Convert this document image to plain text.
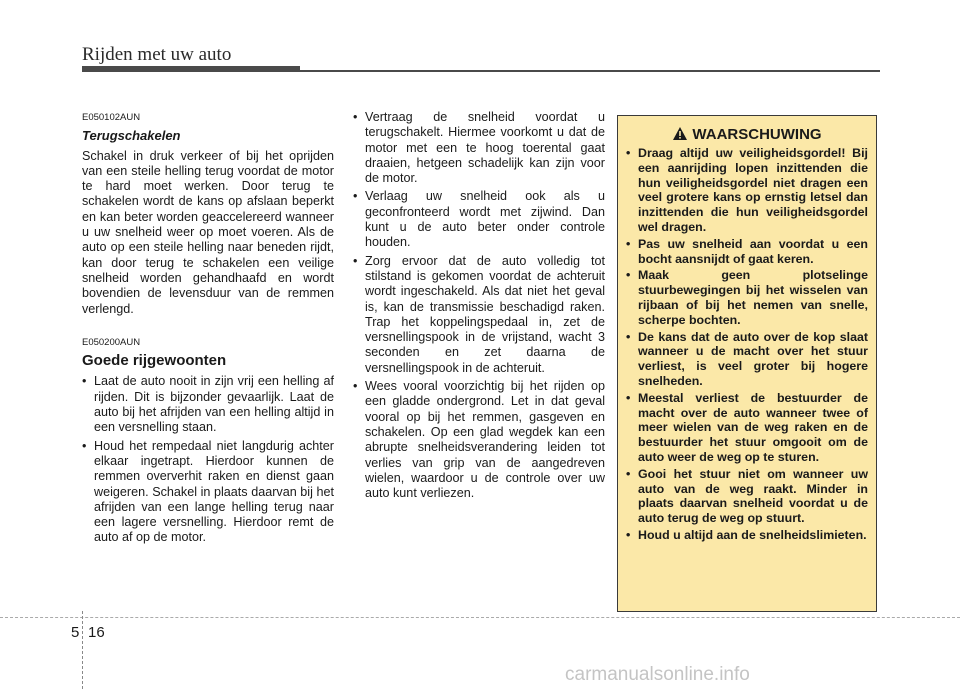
Rijden met uw auto
E050102AUN
Terugschakelen

Schakel in druk verkeer of bij het oprijden van een steile helling terug voordat de motor te hard moet werken. Door terug te schakelen wordt de kans op afslaan beperkt en kan beter worden geaccelereerd wanneer u uw snelheid weer op moet voeren. Als de auto op een steile helling naar beneden rijdt, kan door terug te schakelen een veilige snelheid worden gehandhaafd en wordt bovendien de levensduur van de remmen verlengd.

E050200AUN
Goede rijgewoonten
• Laat de auto nooit in zijn vrij een helling af rijden. Dit is bijzonder gevaarlijk. Laat de auto bij het afrijden van een helling altijd in een versnelling staan.
• Houd het rempedaal niet langdurig achter elkaar ingetrapt. Hierdoor kunnen de remmen oververhit raken en dienst gaan weigeren. Schakel in plaats daarvan bij het afrijden van een lange helling terug naar een lagere versnelling. Hierdoor remt de auto af op de motor.
• Vertraag de snelheid voordat u terugschakelt. Hiermee voorkomt u dat de motor met een te hoog toerental gaat draaien, hetgeen schadelijk kan zijn voor de motor.
• Verlaag uw snelheid ook als u geconfronteerd wordt met zijwind. Dan kunt u de auto beter onder controle houden.
• Zorg ervoor dat de auto volledig tot stilstand is gekomen voordat de achteruit wordt ingeschakeld. Als dat niet het geval is, kan de transmissie beschadigd raken. Trap het koppelingspedaal in, zet de versnellingspook in de vrijstand, wacht 3 seconden en zet daarna de versnellingspook in de achteruit.
• Wees vooral voorzichtig bij het rijden op een gladde ondergrond. Let in dat geval vooral op bij het remmen, gasgeven en schakelen. Op een glad wegdek kan een abrupte snelheidsverandering leiden tot verlies van grip van de aangedreven wielen, waardoor u de controle over uw auto kunt verliezen.
WAARSCHUWING
• Draag altijd uw veiligheidsgordel! Bij een aanrijding lopen inzittenden die hun veiligheidsgordel niet dragen een veel grotere kans op ernstig letsel dan inzittenden die hun veiligheidsgordel wel dragen.
• Pas uw snelheid aan voordat u een bocht aansnijdt of gaat keren.
• Maak geen plotselinge stuurbewegingen bij het wisselen van rijbaan of bij het nemen van snelle, scherpe bochten.
• De kans dat de auto over de kop slaat wanneer u de macht over het stuur verliest, is veel groter bij hogere snelheden.
• Meestal verliest de bestuurder de macht over de auto wanneer twee of meer wielen van de weg raken en de bestuurder het stuur omgooit om de auto weer de weg op te sturen.
• Gooi het stuur niet om wanneer uw auto van de weg raakt. Minder in plaats daarvan snelheid voordat u de auto terug de weg op stuurt.
• Houd u altijd aan de snelheidslimieten.
5 16
carmanualsonline.info
